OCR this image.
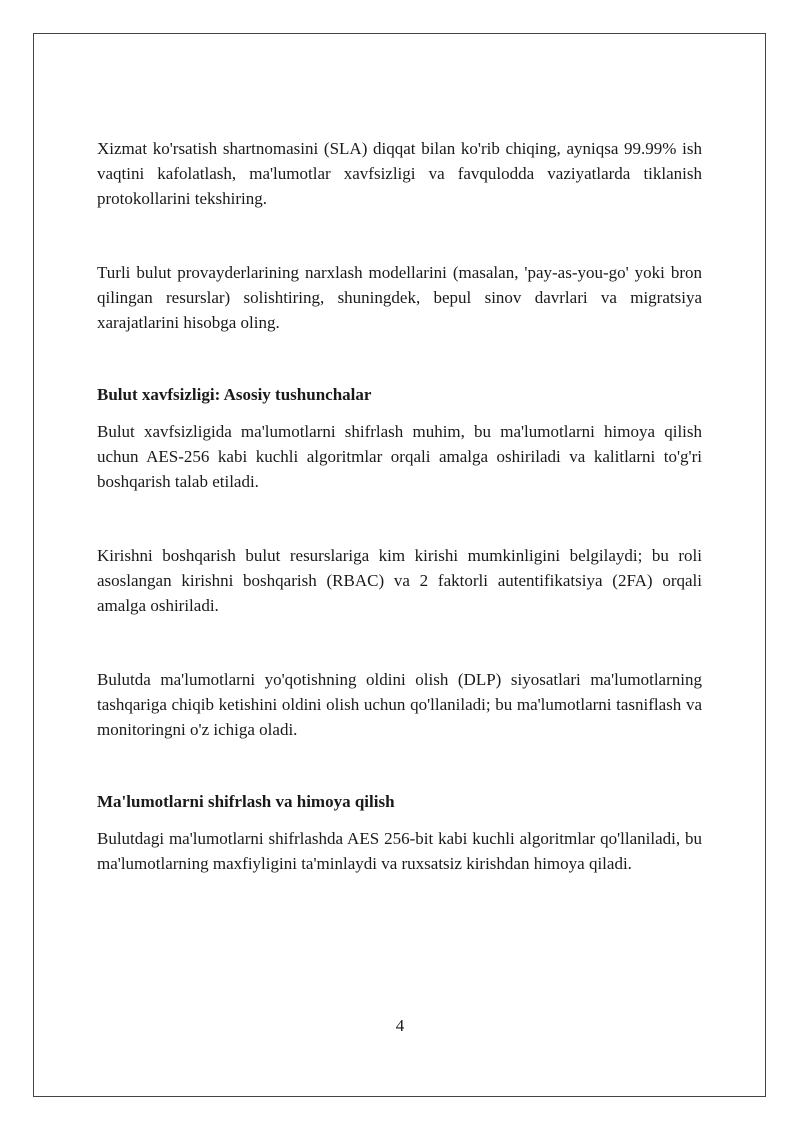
Xizmat ko'rsatish shartnomasini (SLA) diqqat bilan ko'rib chiqing, ayniqsa 99.99% ish vaqtini kafolatlash, ma'lumotlar xavfsizligi va favqulodda vaziyatlarda tiklanish protokollarini tekshiring.

Turli bulut provayderlarining narxlash modellarini (masalan, 'pay-as-you-go' yoki bron qilingan resurslar) solishtiring, shuningdek, bepul sinov davrlari va migratsiya xarajatlarini hisobga oling.

Bulut xavfsizligi: Asosiy tushunchalar

Bulut xavfsizligida ma'lumotlarni shifrlash muhim, bu ma'lumotlarni himoya qilish uchun AES-256 kabi kuchli algoritmlar orqali amalga oshiriladi va kalitlarni to'g'ri boshqarish talab etiladi.

Kirishni boshqarish bulut resurslariga kim kirishi mumkinligini belgilaydi; bu roli asoslangan kirishni boshqarish (RBAC) va 2 faktorli autentifikatsiya (2FA) orqali amalga oshiriladi.

Bulutda ma'lumotlarni yo'qotishning oldini olish (DLP) siyosatlari ma'lumotlarning tashqariga chiqib ketishini oldini olish uchun qo'llaniladi; bu ma'lumotlarni tasniflash va monitoringni o'z ichiga oladi.

Ma'lumotlarni shifrlash va himoya qilish

Bulutdagi ma'lumotlarni shifrlashda AES 256-bit kabi kuchli algoritmlar qo'llaniladi, bu ma'lumotlarning maxfiyligini ta'minlaydi va ruxsatsiz kirishdan himoya qiladi.

4
